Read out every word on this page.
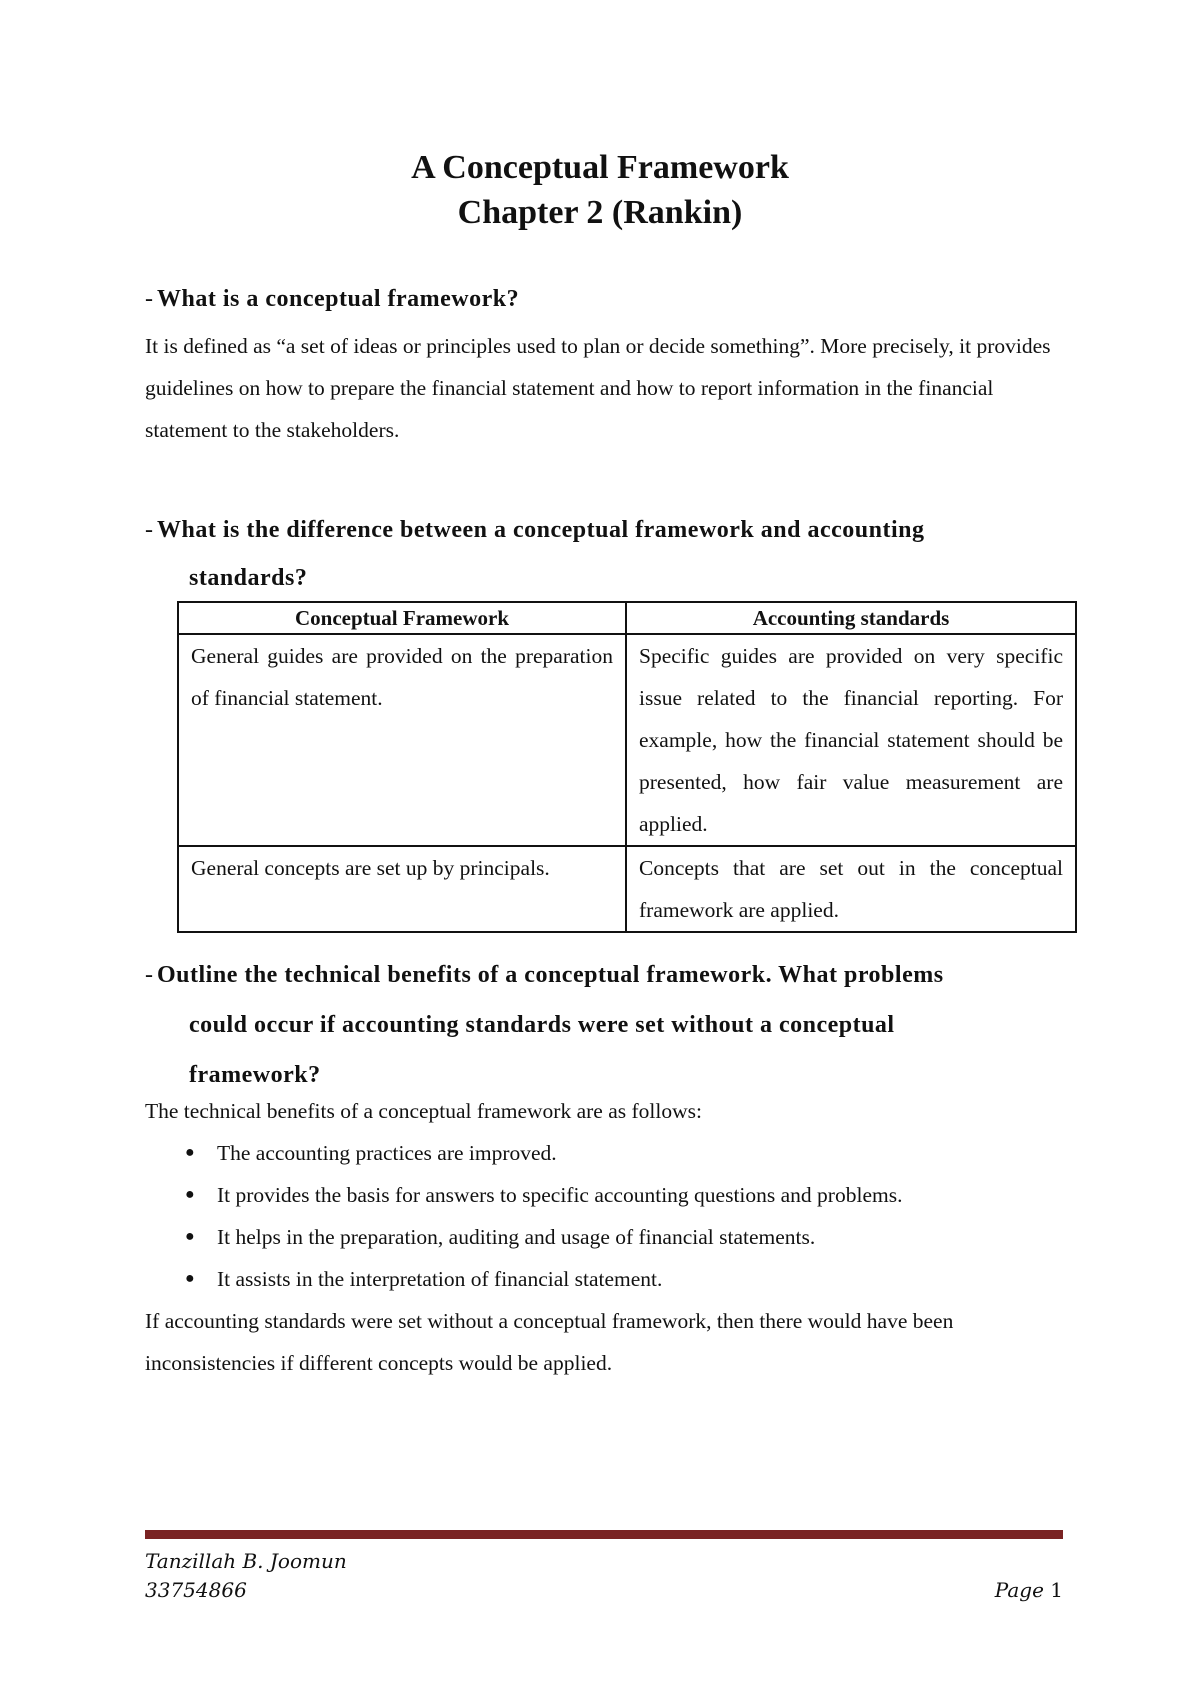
A Conceptual Framework
Chapter 2 (Rankin)
- What is a conceptual framework?
It is defined as “a set of ideas or principles used to plan or decide something”. More precisely, it provides guidelines on how to prepare the financial statement and how to report information in the financial statement to the stakeholders.
- What is the difference between a conceptual framework and accounting
standards?
Conceptual Framework	Accounting standards
General guides are provided on the preparation of financial statement.	Specific guides are provided on very specific issue related to the financial reporting. For example, how the financial statement should be presented, how fair value measurement are applied.
General concepts are set up by principals.	Concepts that are set out in the conceptual framework are applied.
- Outline the technical benefits of a conceptual framework. What problems
could occur if accounting standards were set without a conceptual
framework?
The technical benefits of a conceptual framework are as follows:
● The accounting practices are improved.
● It provides the basis for answers to specific accounting questions and problems.
● It helps in the preparation, auditing and usage of financial statements.
● It assists in the interpretation of financial statement.
If accounting standards were set without a conceptual framework, then there would have been inconsistencies if different concepts would be applied.
Tanzillah B. Joomun
33754866	Page 1
